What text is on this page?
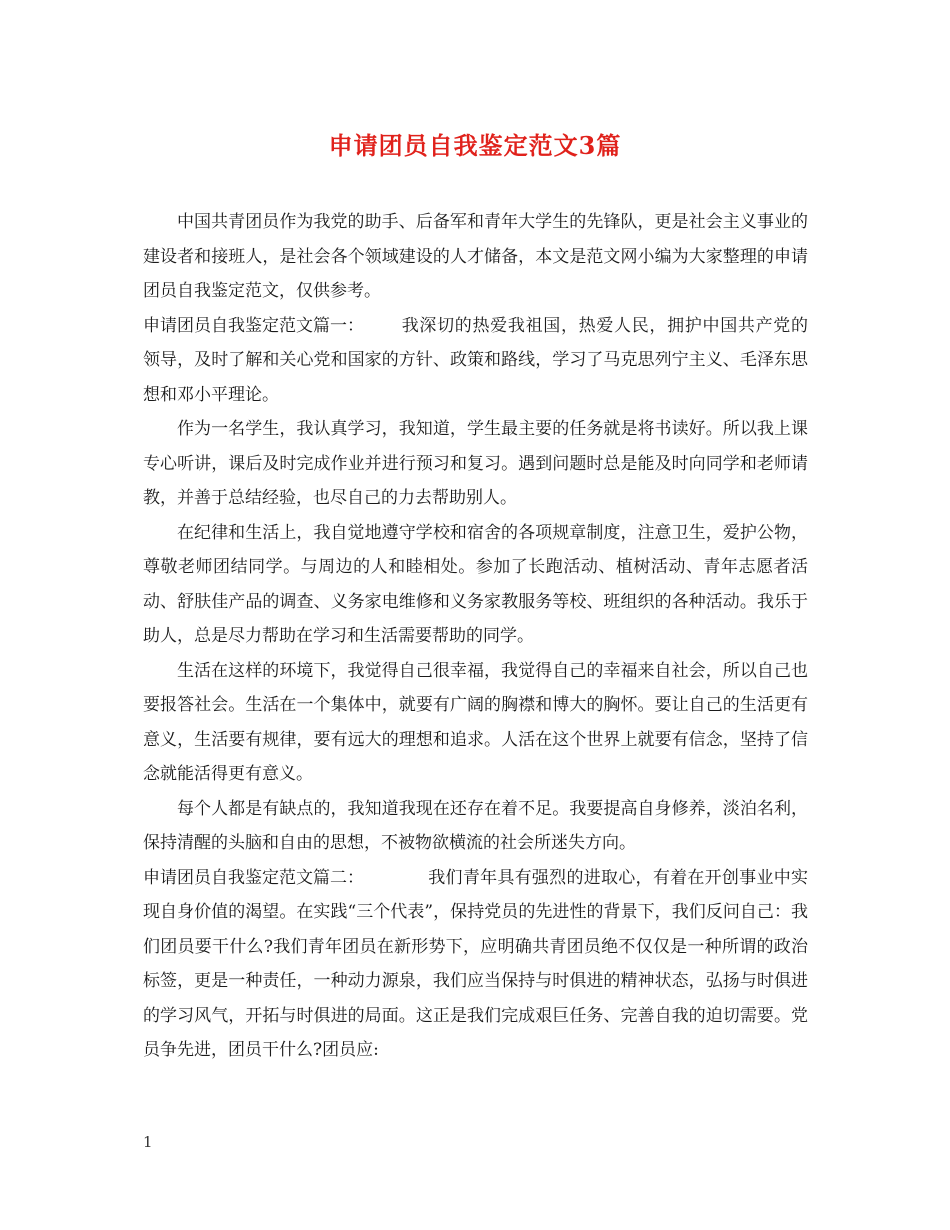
申请团员自我鉴定范文3篇

中国共青团员作为我党的助手、后备军和青年大学生的先锋队，更是社会主义事业的建设者和接班人，是社会各个领域建设的人才储备，本文是范文网小编为大家整理的申请团员自我鉴定范文，仅供参考。

申请团员自我鉴定范文篇一： 我深切的热爱我祖国，热爱人民，拥护中国共产党的领导，及时了解和关心党和国家的方针、政策和路线，学习了马克思列宁主义、毛泽东思想和邓小平理论。

作为一名学生，我认真学习，我知道，学生最主要的任务就是将书读好。所以我上课专心听讲，课后及时完成作业并进行预习和复习。遇到问题时总是能及时向同学和老师请教，并善于总结经验，也尽自己的力去帮助别人。

在纪律和生活上，我自觉地遵守学校和宿舍的各项规章制度，注意卫生，爱护公物，尊敬老师团结同学。与周边的人和睦相处。参加了长跑活动、植树活动、青年志愿者活动、舒肤佳产品的调查、义务家电维修和义务家教服务等校、班组织的各种活动。我乐于助人，总是尽力帮助在学习和生活需要帮助的同学。

生活在这样的环境下，我觉得自己很幸福，我觉得自己的幸福来自社会，所以自己也要报答社会。生活在一个集体中，就要有广阔的胸襟和博大的胸怀。要让自己的生活更有意义，生活要有规律，要有远大的理想和追求。人活在这个世界上就要有信念，坚持了信念就能活得更有意义。

每个人都是有缺点的，我知道我现在还存在着不足。我要提高自身修养，淡泊名利，保持清醒的头脑和自由的思想，不被物欲横流的社会所迷失方向。

申请团员自我鉴定范文篇二：	我们青年具有强烈的进取心，有着在开创事业中实现自身价值的渴望。在实践“三个代表”，保持党员的先进性的背景下，我们反问自己：我们团员要干什么?我们青年团员在新形势下，应明确共青团员绝不仅仅是一种所谓的政治标签，更是一种责任，一种动力源泉，我们应当保持与时俱进的精神状态，弘扬与时俱进的学习风气，开拓与时俱进的局面。这正是我们完成艰巨任务、完善自我的迫切需要。党员争先进，团员干什么?团员应:

1
